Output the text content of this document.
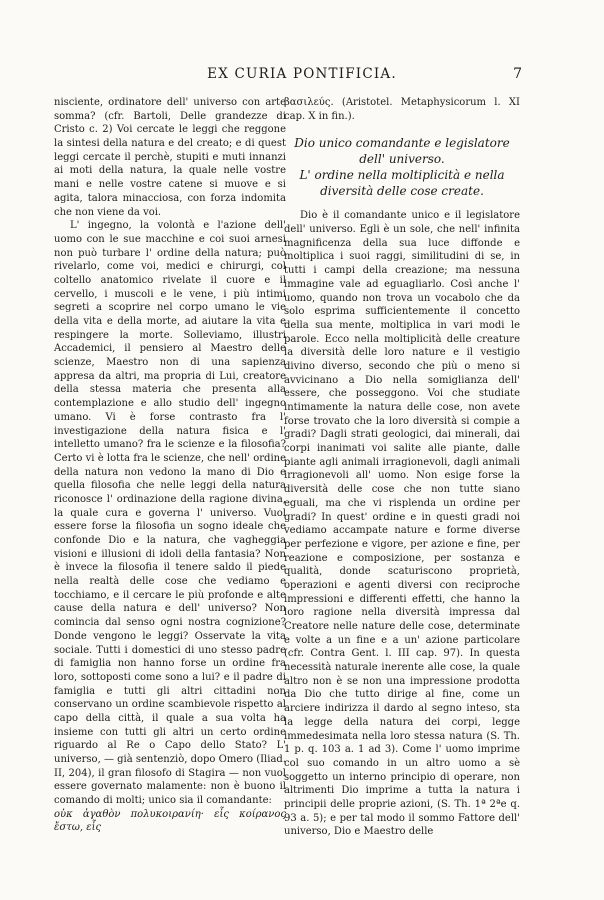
EX CURIA PONTIFICIA.	7

nisciente, ordinatore dell' universo con arte somma? (cfr. Bartoli, Delle grandezze di Cristo c. 2) Voi cercate le leggi che reggone la sintesi della natura e del creato; e di quest leggi cercate il perchè, stupiti e muti innanzi ai moti della natura, la quale nelle vostre mani e nelle vostre catene si muove e si agita, talora minacciosa, con forza indomita che non viene da voi.

L' ingegno, la volontà e l'azione dell' uomo con le sue macchine e coi suoi arnesi non può turbare l' ordine della natura; può rivelarlo, come voi, medici e chirurgi, col coltello anatomico rivelate il cuore e il cervello, i muscoli e le vene, i più intimi segreti a scoprire nel corpo umano le vie della vita e della morte, ad aiutare la vita e respingere la morte. Solleviamo, illustri Accademici, il pensiero al Maestro delle scienze, Maestro non di una sapienza appresa da altri, ma propria di Lui, creatore della stessa materia che presenta alla contemplazione e allo studio dell' ingegno umano. Vi è forse contrasto fra l' investigazione della natura fisica e l' intelletto umano? fra le scienze e la filosofia? Certo vi è lotta fra le scienze, che nell' ordine della natura non vedono la mano di Dio e quella filosofia che nelle leggi della natura riconosce l' ordinazione della ragione divina, la quale cura e governa l' universo. Vuol essere forse la filosofia un sogno ideale che confonde Dio e la natura, che vagheggia visioni e illusioni di idoli della fantasia? Non è invece la filosofia il tenere saldo il piede nella realtà delle cose che vediamo e tocchiamo, e il cercare le più profonde e alte cause della natura e dell' universo? Non comincia dal senso ogni nostra cognizione? Donde vengono le leggi? Osservate la vita sociale. Tutti i domestici di uno stesso padre di famiglia non hanno forse un ordine fra loro, sottoposti come sono a lui? e il padre di famiglia e tutti gli altri cittadini non conservano un ordine scambievole rispetto al capo della città, il quale a sua volta ha insieme con tutti gli altri un certo ordine riguardo al Re o Capo dello Stato? L' universo, — già sentenziò, dopo Omero (Iliad. II, 204), il gran filosofo di Stagira — non vuol essere governato malamente: non è buono il comando di molti; unico sia il comandante:

οὐκ ἀγαθὸν πολυκοιρανίη· εἷς κοίρανος ἔστω, εἷς

βασιλεύς. (Aristotel. Metaphysicorum l. XI cap. X in fin.).

Dio unico comandante e legislatore dell' universo.
L' ordine nella moltiplicità e nella diversità delle cose create.

Dio è il comandante unico e il legislatore dell' universo. Egli è un sole, che nell' infinita magnificenza della sua luce diffonde e moltiplica i suoi raggi, similitudini di se, in tutti i campi della creazione; ma nessuna immagine vale ad eguagliarlo. Così anche l' uomo, quando non trova un vocabolo che da solo esprima sufficientemente il concetto della sua mente, moltiplica in vari modi le parole. Ecco nella moltiplicità delle creature la diversità delle loro nature e il vestigio divino diverso, secondo che più o meno si avvicinano a Dio nella somiglianza dell' essere, che posseggono. Voi che studiate intimamente la natura delle cose, non avete forse trovato che la loro diversità si compie a gradi? Dagli strati geologici, dai minerali, dai corpi inanimati voi salite alle piante, dalle piante agli animali irragionevoli, dagli animali irragionevoli all' uomo. Non esige forse la diversità delle cose che non tutte siano eguali, ma che vi risplenda un ordine per gradi? In quest' ordine e in questi gradi noi vediamo accampate nature e forme diverse per perfezione e vigore, per azione e fine, per reazione e composizione, per sostanza e qualità, donde scaturiscono proprietà, operazioni e agenti diversi con reciproche impressioni e differenti effetti, che hanno la loro ragione nella diversità impressa dal Creatore nelle nature delle cose, determinate e volte a un fine e a un' azione particolare (cfr. Contra Gent. l. III cap. 97). In questa necessità naturale inerente alle cose, la quale altro non è se non una impressione prodotta da Dio che tutto dirige al fine, come un arciere indirizza il dardo al segno inteso, sta la legge della natura dei corpi, legge immedesimata nella loro stessa natura (S. Th. 1 p. q. 103 a. 1 ad 3). Come l' uomo imprime col suo comando in un altro uomo a sè soggetto un interno principio di operare, non altrimenti Dio imprime a tutta la natura i principii delle proprie azioni, (S. Th. 1ª 2ªe q. 93 a. 5); e per tal modo il sommo Fattore dell' universo, Dio e Maestro delle
